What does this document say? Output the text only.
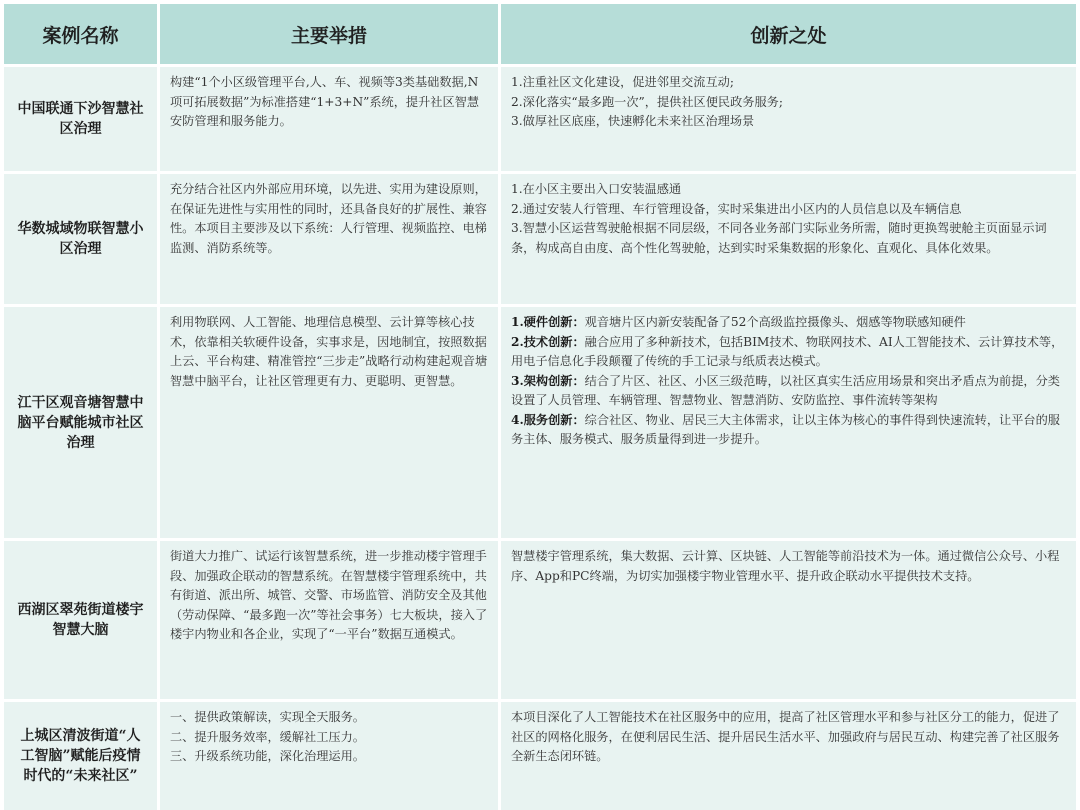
案例名称	主要举措	创新之处
中国联通下沙智慧社区治理
构建“1个小区级管理平台,人、车、视频等3类基础数据,N项可拓展数据”为标准搭建“1+3+N”系统，提升社区智慧安防管理和服务能力。
1.注重社区文化建设，促进邻里交流互动;
2.深化落实“最多跑一次”，提供社区便民政务服务;
3.做厚社区底座，快速孵化未来社区治理场景
华数城域物联智慧小区治理
充分结合社区内外部应用环境，以先进、实用为建设原则，在保证先进性与实用性的同时，还具备良好的扩展性、兼容性。本项目主要涉及以下系统：人行管理、视频监控、电梯监测、消防系统等。
1.在小区主要出入口安装温感通
2.通过安装人行管理、车行管理设备，实时采集进出小区内的人员信息以及车辆信息
3.智慧小区运营驾驶舱根据不同层级，不同各业务部门实际业务所需，随时更换驾驶舱主页面显示词条，构成高自由度、高个性化驾驶舱，达到实时采集数据的形象化、直观化、具体化效果。
江干区观音塘智慧中脑平台赋能城市社区治理
利用物联网、人工智能、地理信息模型、云计算等核心技术，依靠相关软硬件设备，实事求是，因地制宜，按照数据上云、平台构建、精准管控“三步走”战略行动构建起观音塘智慧中脑平台，让社区管理更有力、更聪明、更智慧。
1.硬件创新：观音塘片区内新安装配备了52个高级监控摄像头、烟感等物联感知硬件
2.技术创新：融合应用了多种新技术，包括BIM技术、物联网技术、AI人工智能技术、云计算技术等，用电子信息化手段颠覆了传统的手工记录与纸质表达模式。
3.架构创新：结合了片区、社区、小区三级范畴，以社区真实生活应用场景和突出矛盾点为前提，分类设置了人员管理、车辆管理、智慧物业、智慧消防、安防监控、事件流转等架构
4.服务创新：综合社区、物业、居民三大主体需求，让以主体为核心的事件得到快速流转，让平台的服务主体、服务模式、服务质量得到进一步提升。
西湖区翠苑街道楼宇智慧大脑
街道大力推广、试运行该智慧系统，进一步推动楼宇管理手段、加强政企联动的智慧系统。在智慧楼宇管理系统中，共有街道、派出所、城管、交警、市场监管、消防安全及其他（劳动保障、“最多跑一次”等社会事务）七大板块，接入了楼宇内物业和各企业，实现了“一平台”数据互通模式。
智慧楼宇管理系统，集大数据、云计算、区块链、人工智能等前沿技术为一体。通过微信公众号、小程序、App和PC终端，为切实加强楼宇物业管理水平、提升政企联动水平提供技术支持。
上城区清波街道“人工智脑”赋能后疫情时代的“未来社区”
一、提供政策解读，实现全天服务。
二、提升服务效率，缓解社工压力。
三、升级系统功能，深化治理运用。
本项目深化了人工智能技术在社区服务中的应用，提高了社区管理水平和参与社区分工的能力，促进了社区的网格化服务，在便利居民生活、提升居民生活水平、加强政府与居民互动、构建完善了社区服务全新生态闭环链。
